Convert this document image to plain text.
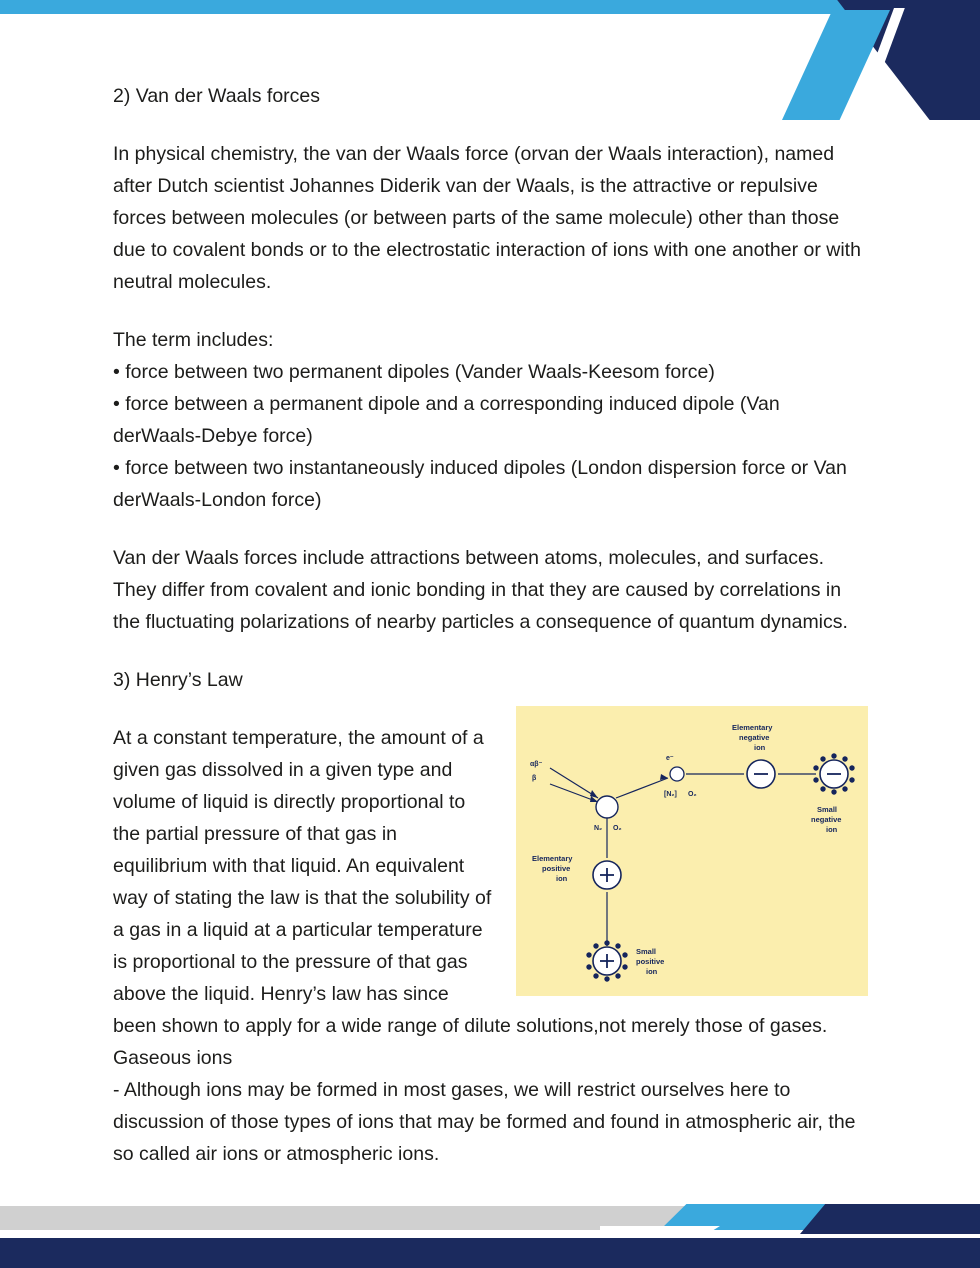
2) Van der Waals forces

In physical chemistry, the van der Waals force (orvan der Waals interaction), named after Dutch scientist Johannes Diderik van der Waals, is the attractive or repulsive forces between molecules (or between parts of the same molecule) other than those due to covalent bonds or to the electrostatic interaction of ions with one another or with neutral molecules.

The term includes:

• force between two permanent dipoles (Vander Waals-Keesom force)

• force between a permanent dipole and a corresponding induced dipole (Van derWaals-Debye force)

• force between two instantaneously induced dipoles (London dispersion force or Van derWaals-London force)

Van der Waals forces include attractions between atoms, molecules, and surfaces. They differ from covalent and ionic bonding in that they are caused by correlations in the fluctuating polarizations of nearby particles a consequence of quantum dynamics.

3) Henry’s Law

αβ⁻
β
e⁻
N₂ O₂
[N₂] O₂
Elementary
negative
ion
Small
negative
ion
Elementary
positive
ion
Small
positive
ion

At a constant temperature, the amount of a given gas dissolved in a given type and volume of liquid is directly proportional to the partial pressure of that gas in equilibrium with that liquid. An equivalent way of stating the law is that the solubility of a gas in a liquid at a particular temperature is proportional to the pressure of that gas above the liquid. Henry’s law has since been shown to apply for a wide range of dilute solutions,not merely those of gases. Gaseous ions

- Although ions may be formed in most gases, we will restrict ourselves here to discussion of those types of ions that may be formed and found in atmospheric air, the so called air ions or atmospheric ions.
